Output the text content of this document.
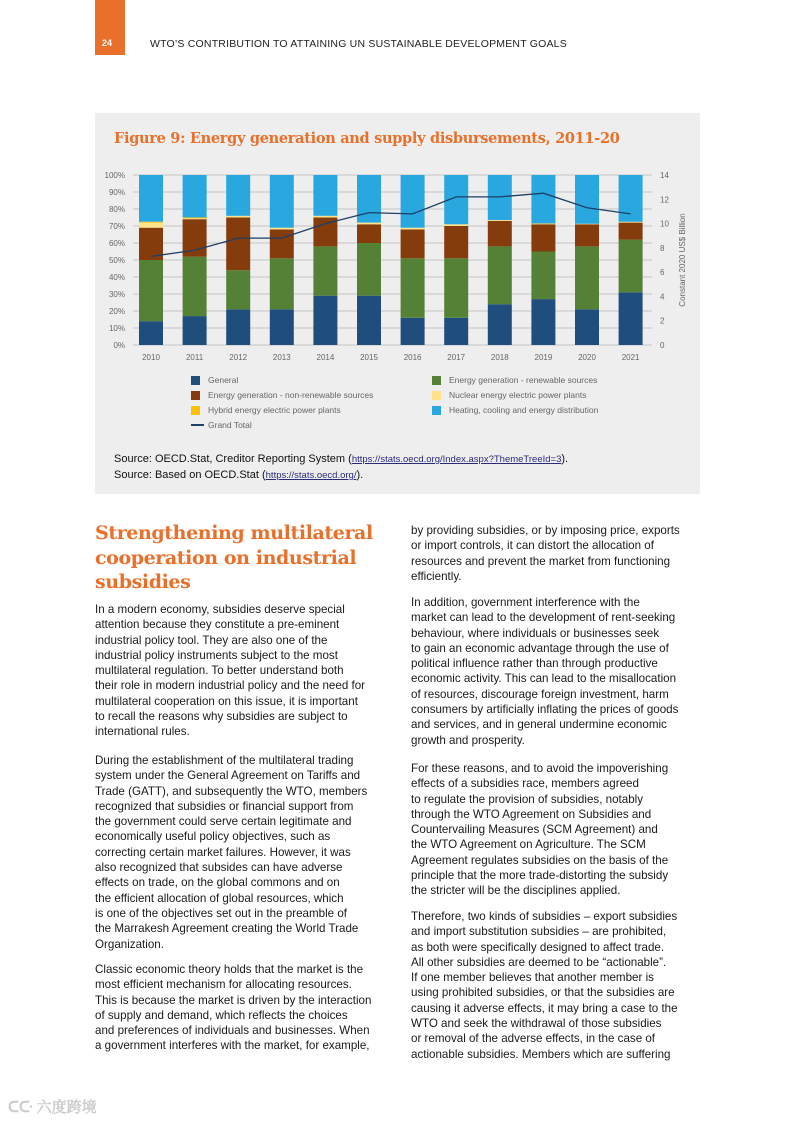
24	WTO’S CONTRIBUTION TO ATTAINING UN SUSTAINABLE DEVELOPMENT GOALS
Figure 9: Energy generation and supply disbursements, 2011-20
0%
10%
20%
30%
40%
50%
60%
70%
80%
90%
100%
0
2
4
6
8
10
12
14
Constant 2020 US$ Billion
2010	2011	2012	2013	2014	2015	2016	2017	2018	2019	2020	2021
General	Energy generation - renewable sources
Energy generation - non-renewable sources	Nuclear energy electric power plants
Hybrid energy electric power plants	Heating, cooling and energy distribution
Grand Total
Source: OECD.Stat, Creditor Reporting System (https://stats.oecd.org/Index.aspx?ThemeTreeId=3).
Source: Based on OECD.Stat (https://stats.oecd.org/).
Strengthening multilateral
cooperation on industrial
subsidies

In a modern economy, subsidies deserve special
attention because they constitute a pre-eminent
industrial policy tool. They are also one of the
industrial policy instruments subject to the most
multilateral regulation. To better understand both
their role in modern industrial policy and the need for
multilateral cooperation on this issue, it is important
to recall the reasons why subsidies are subject to
international rules.

During the establishment of the multilateral trading
system under the General Agreement on Tariffs and
Trade (GATT), and subsequently the WTO, members
recognized that subsidies or financial support from
the government could serve certain legitimate and
economically useful policy objectives, such as
correcting certain market failures. However, it was
also recognized that subsides can have adverse
effects on trade, on the global commons and on
the efficient allocation of global resources, which
is one of the objectives set out in the preamble of
the Marrakesh Agreement creating the World Trade
Organization.

Classic economic theory holds that the market is the
most efficient mechanism for allocating resources.
This is because the market is driven by the interaction
of supply and demand, which reflects the choices
and preferences of individuals and businesses. When
a government interferes with the market, for example,

by providing subsidies, or by imposing price, exports
or import controls, it can distort the allocation of
resources and prevent the market from functioning
efficiently.

In addition, government interference with the
market can lead to the development of rent-seeking
behaviour, where individuals or businesses seek
to gain an economic advantage through the use of
political influence rather than through productive
economic activity. This can lead to the misallocation
of resources, discourage foreign investment, harm
consumers by artificially inflating the prices of goods
and services, and in general undermine economic
growth and prosperity.

For these reasons, and to avoid the impoverishing
effects of a subsidies race, members agreed
to regulate the provision of subsidies, notably
through the WTO Agreement on Subsidies and
Countervailing Measures (SCM Agreement) and
the WTO Agreement on Agriculture. The SCM
Agreement regulates subsidies on the basis of the
principle that the more trade-distorting the subsidy
the stricter will be the disciplines applied.

Therefore, two kinds of subsidies – export subsidies
and import substitution subsidies – are prohibited,
as both were specifically designed to affect trade.
All other subsidies are deemed to be “actionable”.
If one member believes that another member is
using prohibited subsidies, or that the subsidies are
causing it adverse effects, it may bring a case to the
WTO and seek the withdrawal of those subsidies
or removal of the adverse effects, in the case of
actionable subsidies. Members which are suffering

ᑕᑢ 六度跨境
